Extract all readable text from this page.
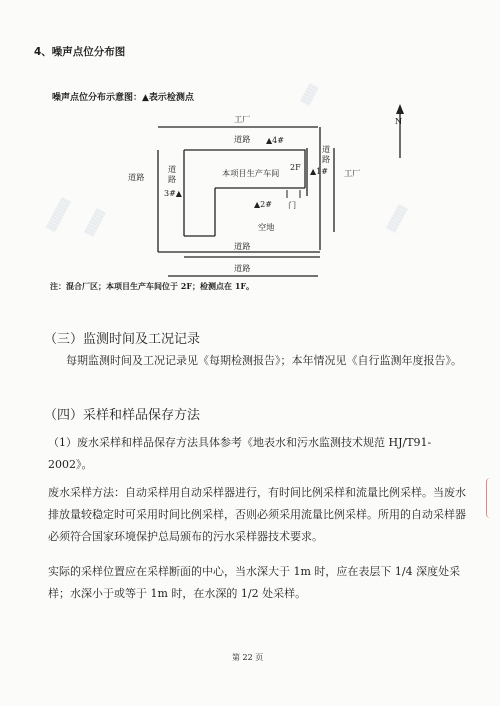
4、噪声点位分布图
噪声点位分布示意图：▲表示检测点
工厂
道路 ▲4#
道路
道
路
3#▲
本项目生产车间
2F
道
路
▲1# 工厂
▲2# 门
空地
道路
道路
N
注：混合厂区；本项目生产车间位于 2F；检测点在 1F。
（三）监测时间及工况记录
每期监测时间及工况记录见《每期检测报告》；本年情况见《自行监测年度报告》。
（四）采样和样品保存方法
（1）废水采样和样品保存方法具体参考《地表水和污水监测技术规范 HJ/T91-2002》。
废水采样方法：自动采样用自动采样器进行，有时间比例采样和流量比例采样。当废水排放量较稳定时可采用时间比例采样，否则必须采用流量比例采样。所用的自动采样器必须符合国家环境保护总局颁布的污水采样器技术要求。
实际的采样位置应在采样断面的中心，当水深大于 1m 时，应在表层下 1/4 深度处采样；水深小于或等于 1m 时，在水深的 1/2 处采样。
第 22 页
▒▒▒▒▒ ▒▒▒▒
▒▒▒
▒▒▒▒
